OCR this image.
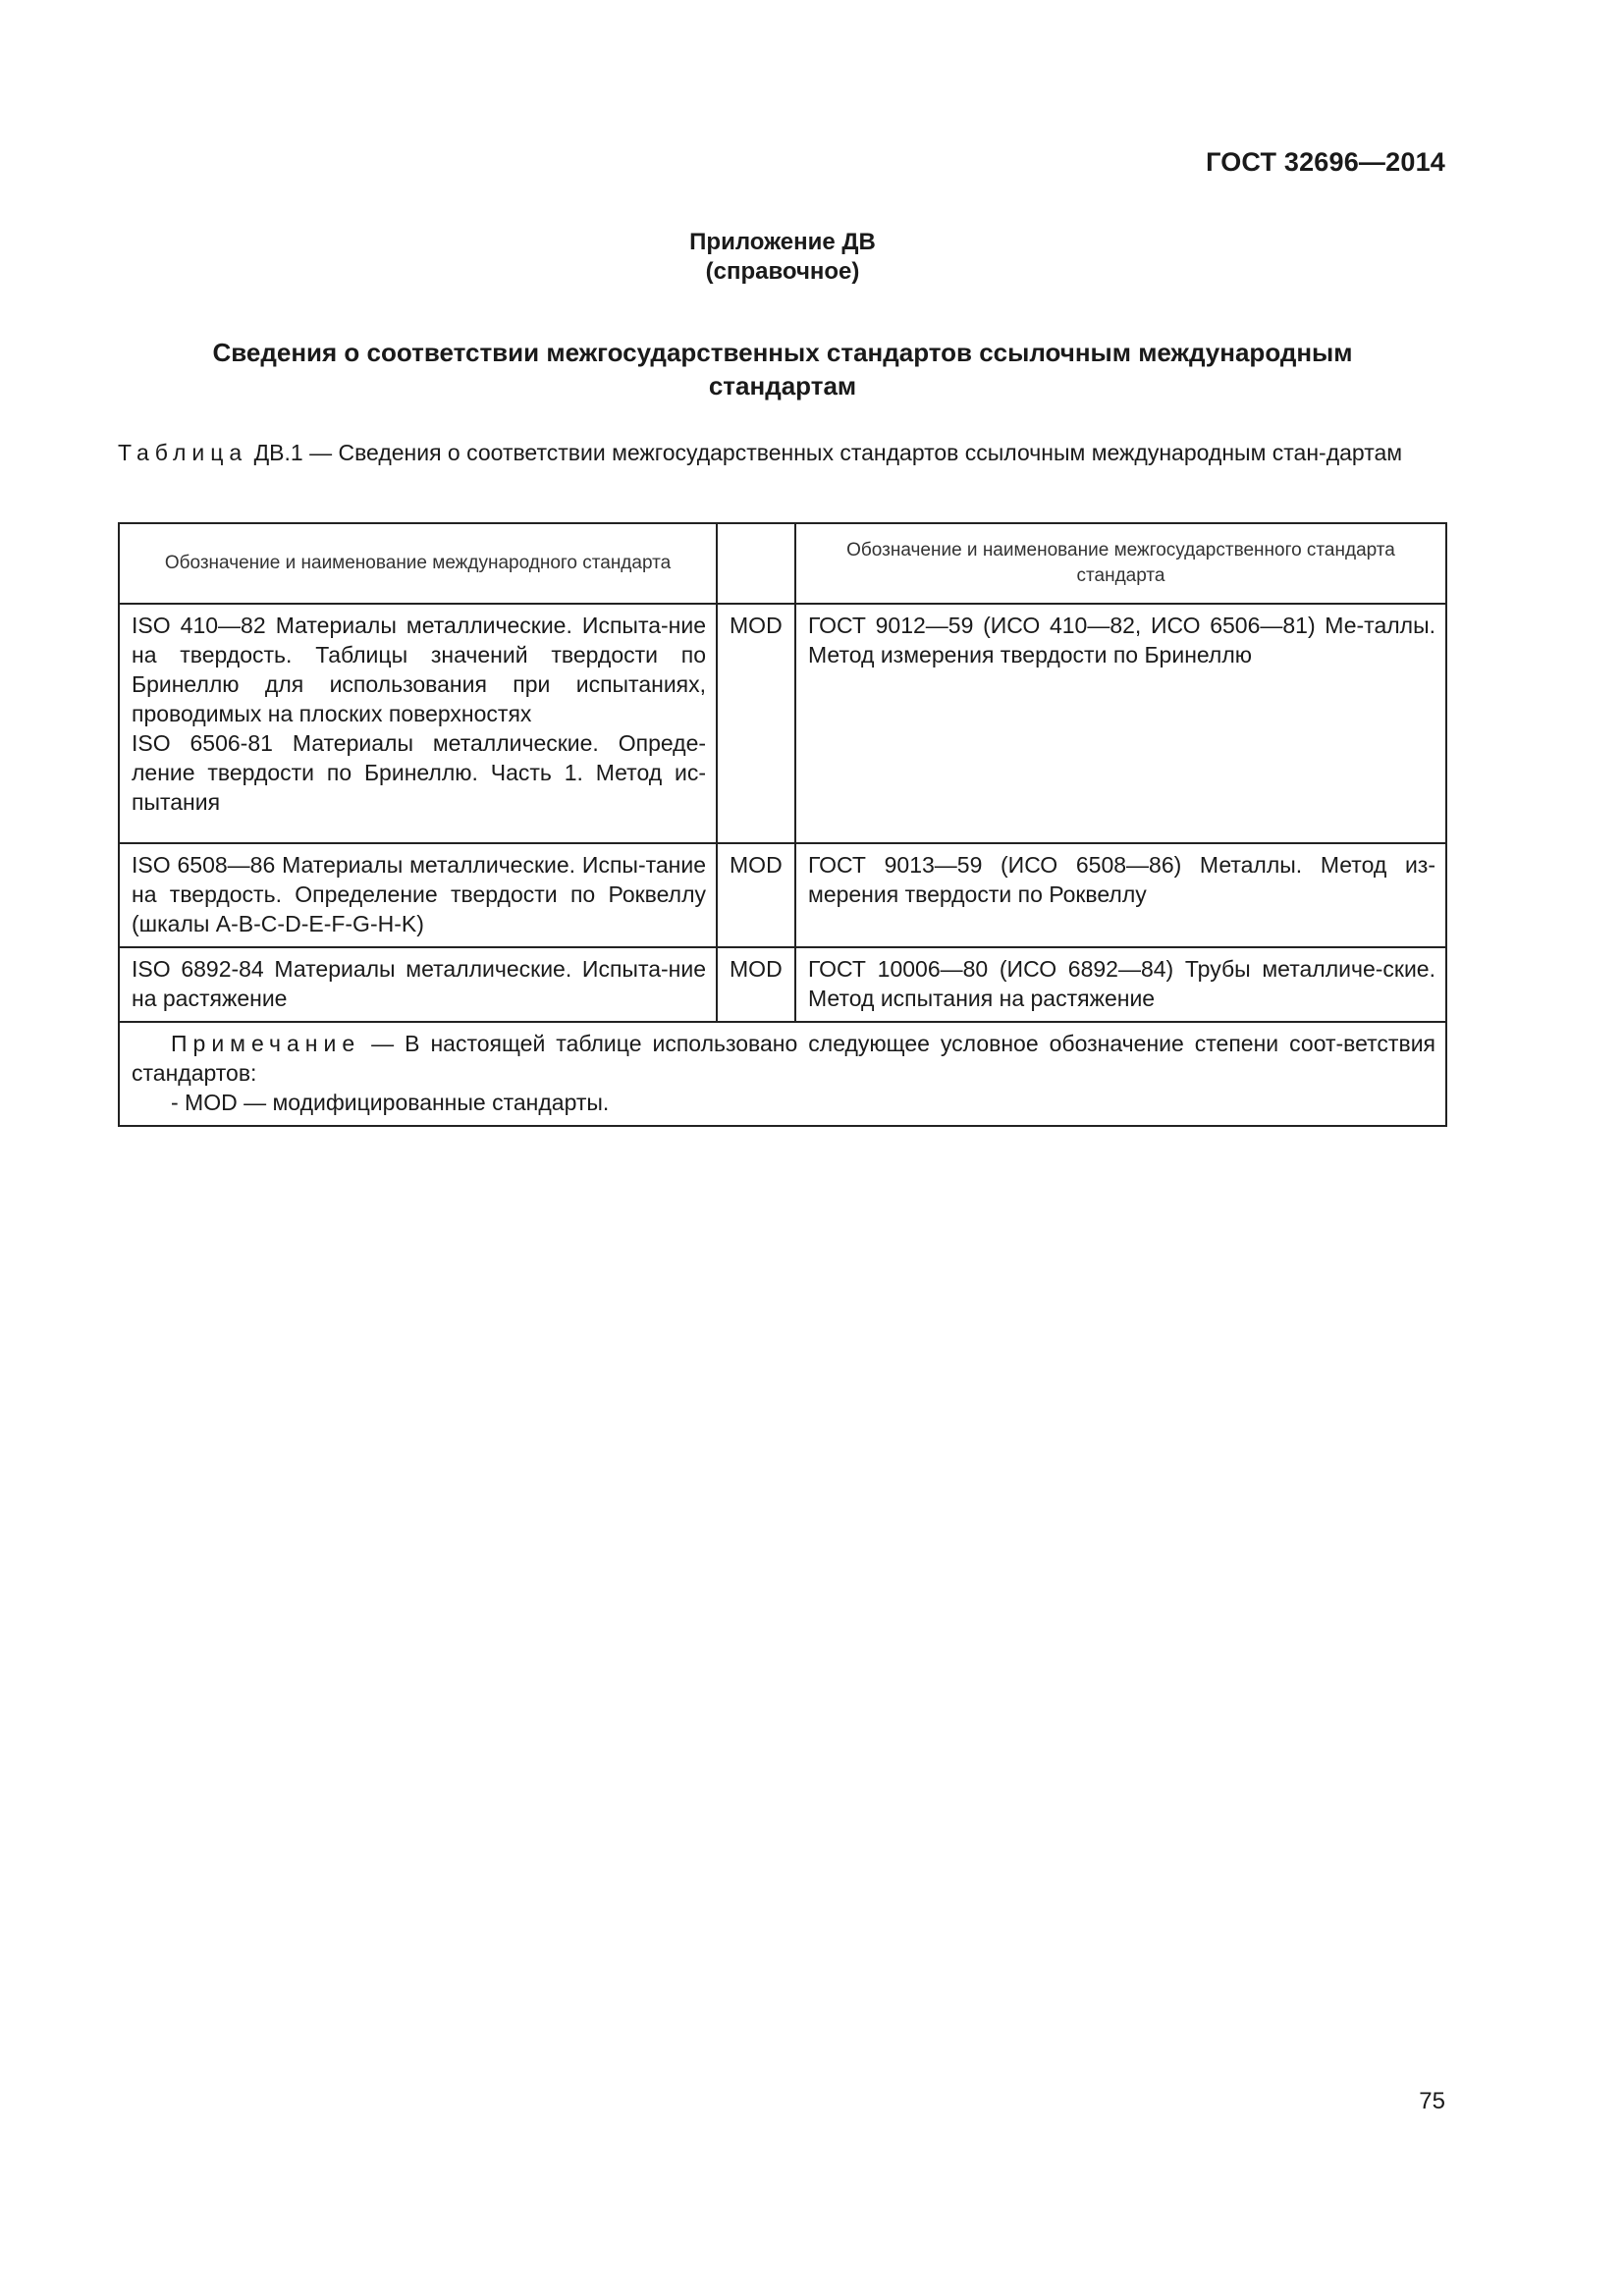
ГОСТ 32696—2014
Приложение ДВ
(справочное)
Сведения о соответствии межгосударственных стандартов ссылочным международным
стандартам
Таблица ДВ.1 — Сведения о соответствии межгосударственных стандартов ссылочным международным стан-дартам
Обозначение и наименование международного стандарта		Обозначение и наименование межгосударственного стандарта стандарта

ISO 410—82 Материалы металлические. Испыта-ние на твердость. Таблицы значений твердости по Бринеллю для использования при испытаниях, проводимых на плоских поверхностях
ISO 6506-81 Материалы металлические. Опреде-ление твердости по Бринеллю. Часть 1. Метод ис-пытания	MOD	ГОСТ 9012—59 (ИСО 410—82, ИСО 6506—81) Ме-таллы. Метод измерения твердости по Бринеллю
ISO 6508—86 Материалы металлические. Испы-тание на твердость. Определение твердости по Роквеллу (шкалы A-B-C-D-E-F-G-H-K)	MOD	ГОСТ 9013—59 (ИСО 6508—86) Металлы. Метод из-мерения твердости по Роквеллу
ISO 6892-84 Материалы металлические. Испыта-ние на растяжение	MOD	ГОСТ 10006—80 (ИСО 6892—84) Трубы металличе-ские. Метод испытания на растяжение

Примечание — В настоящей таблице использовано следующее условное обозначение степени соот-ветствия стандартов:
- MOD — модифицированные стандарты.		
75
